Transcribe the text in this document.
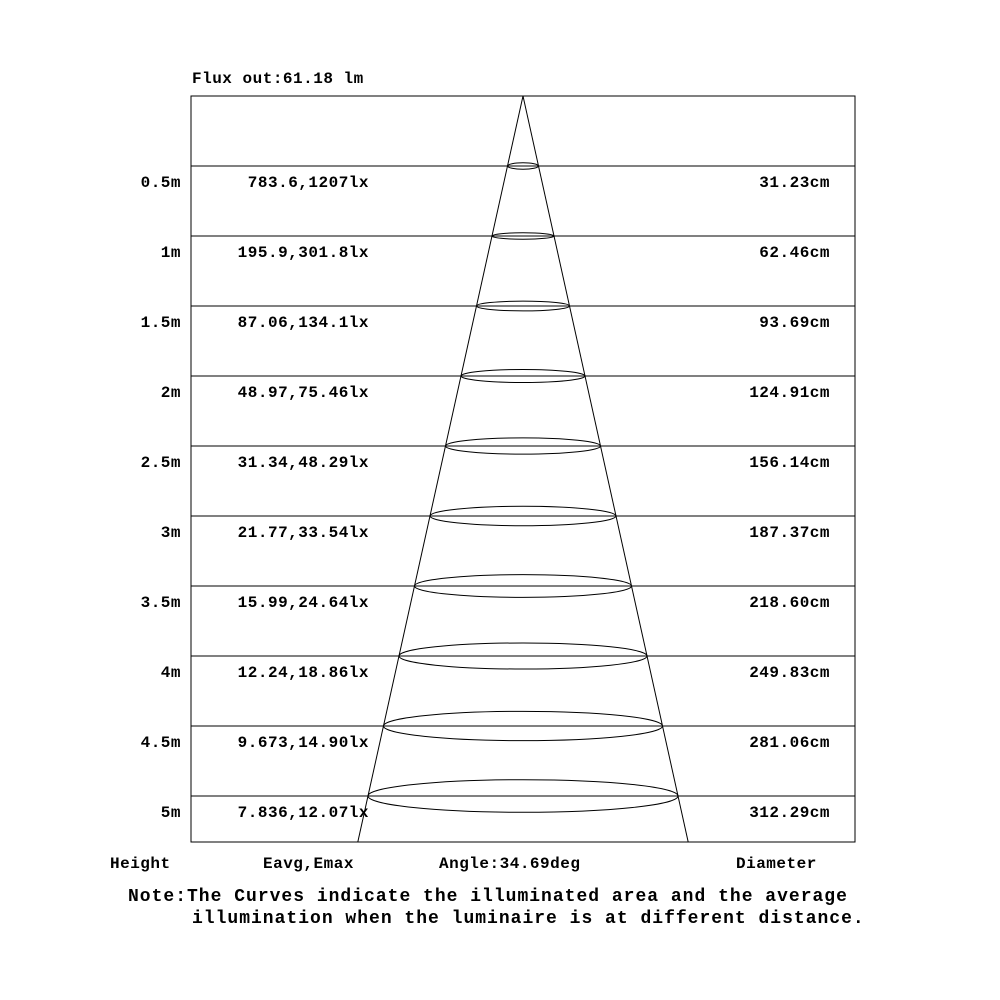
Flux out:61.18 lm
0.5m	783.6,1207lx	31.23cm
1m	195.9,301.8lx	62.46cm
1.5m	87.06,134.1lx	93.69cm
2m	48.97,75.46lx	124.91cm
2.5m	31.34,48.29lx	156.14cm
3m	21.77,33.54lx	187.37cm
3.5m	15.99,24.64lx	218.60cm
4m	12.24,18.86lx	249.83cm
4.5m	9.673,14.90lx	281.06cm
5m	7.836,12.07lx	312.29cm
Height	Eavg,Emax	Angle:34.69deg	Diameter
Note:The Curves indicate the illuminated area and the average
illumination when the luminaire is at different distance.
